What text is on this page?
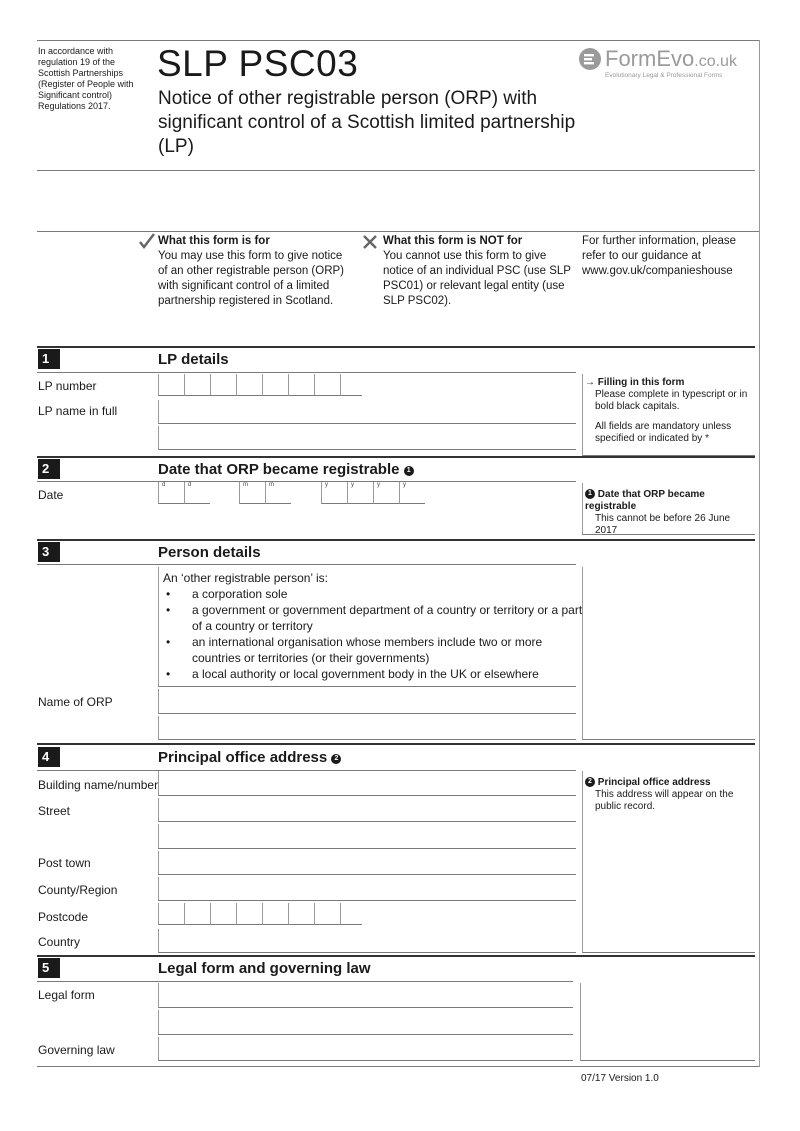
In accordance with regulation 19 of the Scottish Partnerships (Register of People with Significant control) Regulations 2017.
SLP PSC03
Notice of other registrable person (ORP) with significant control of a Scottish limited partnership (LP)
FormEvo.co.uk
Evolutionary Legal & Professional Forms
What this form is for
You may use this form to give notice of an other registrable person (ORP) with significant control of a limited partnership registered in Scotland.
What this form is NOT for
You cannot use this form to give notice of an individual PSC (use SLP PSC01) or relevant legal entity (use SLP PSC02).
For further information, please refer to our guidance at www.gov.uk/companieshouse
1	LP details
LP number
LP name in full
→ Filling in this form
Please complete in typescript or in bold black capitals.
All fields are mandatory unless specified or indicated by *
2	Date that ORP became registrable 1
Date
d	d	m	m	y	y	y	y
1 Date that ORP became registrable
This cannot be before 26 June 2017
3	Person details
An ‘other registrable person’ is:
• a corporation sole
• a government or government department of a country or territory or a part of a country or territory
• an international organisation whose members include two or more countries or territories (or their governments)
• a local authority or local government body in the UK or elsewhere
Name of ORP
4	Principal office address 2
Building name/number
Street
Post town
County/Region
Postcode
Country
2 Principal office address
This address will appear on the public record.
5	Legal form and governing law
Legal form
Governing law
07/17 Version 1.0
